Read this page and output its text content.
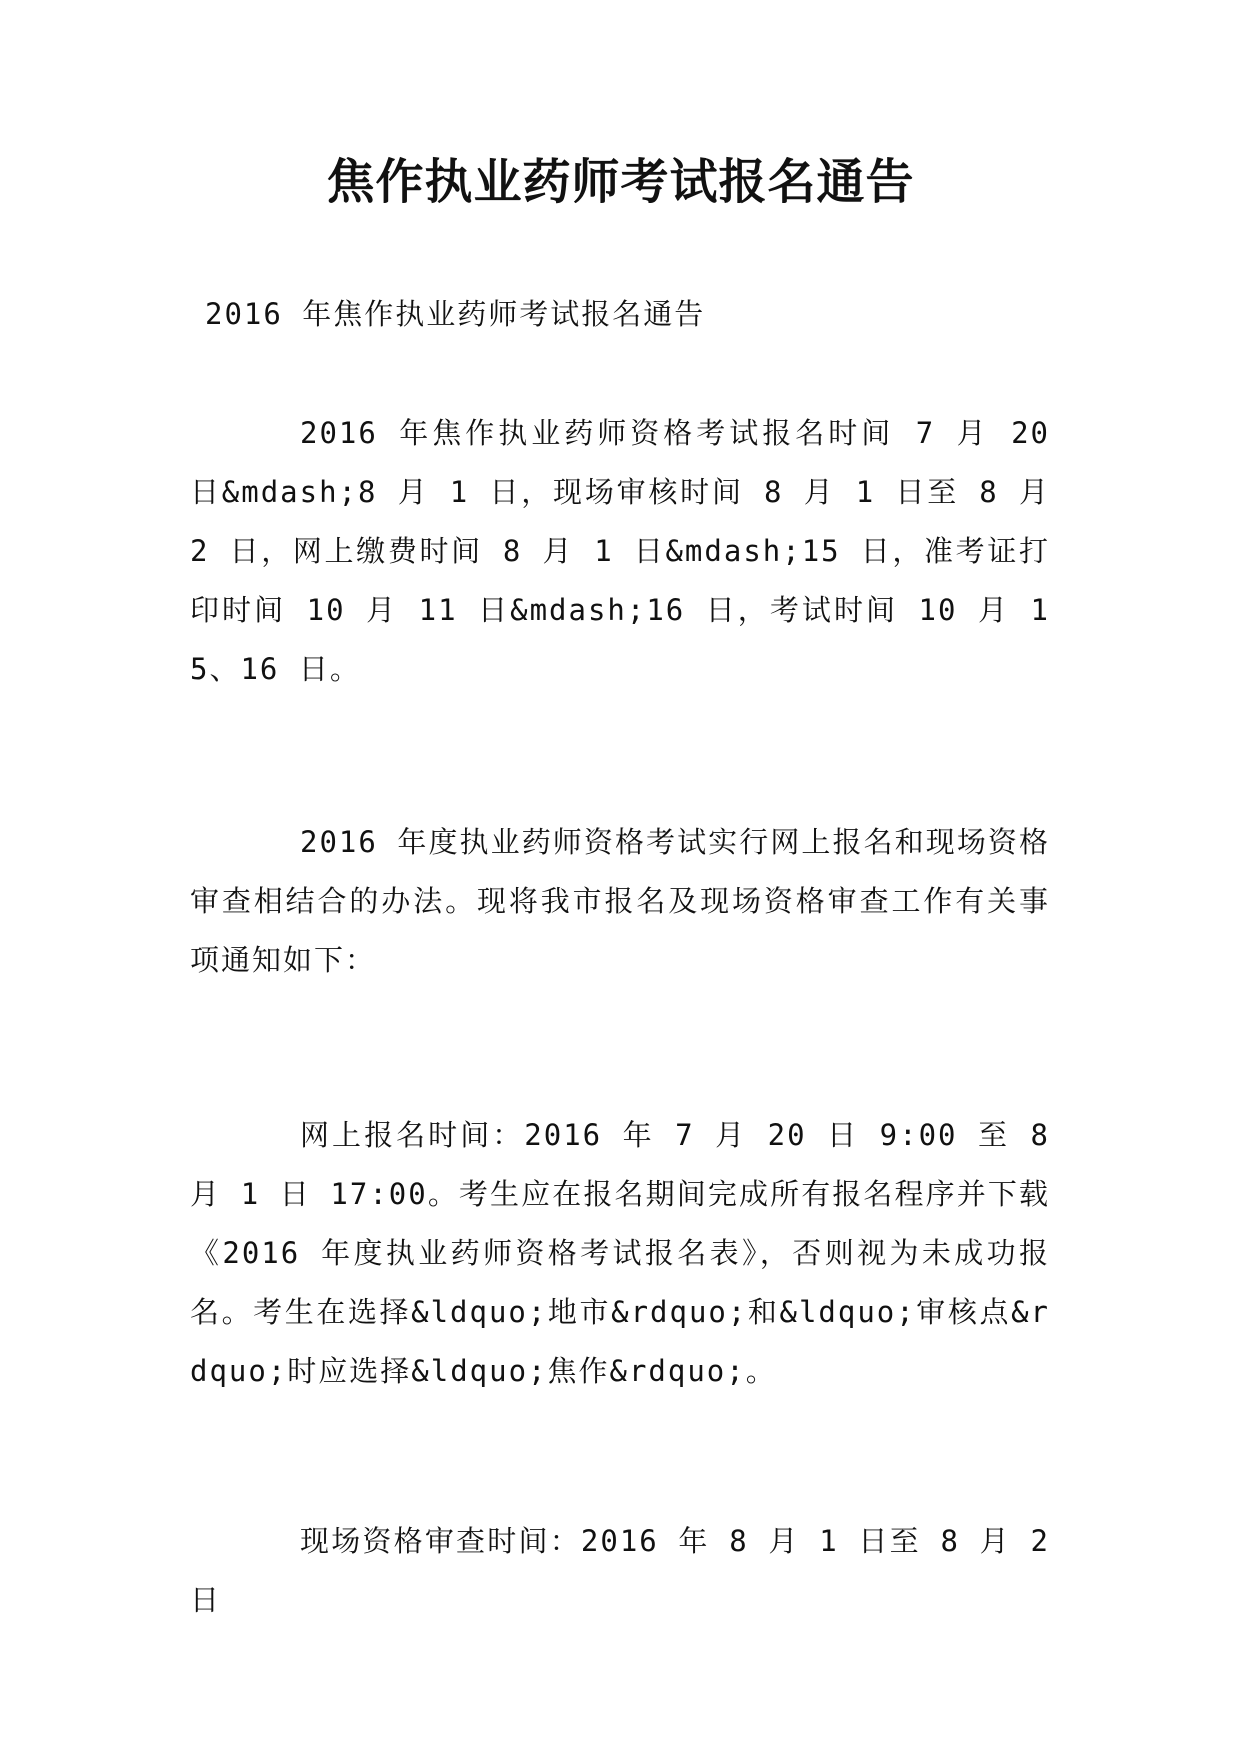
焦作执业药师考试报名通告

2016 年焦作执业药师考试报名通告

2016 年焦作执业药师资格考试报名时间 7 月 20 日&mdash;8 月 1 日，现场审核时间 8 月 1 日至 8 月 2 日，网上缴费时间 8 月 1 日&mdash;15 日，准考证打印时间 10 月 11 日&mdash;16 日，考试时间 10 月 15、16 日。

2016 年度执业药师资格考试实行网上报名和现场资格审查相结合的办法。现将我市报名及现场资格审查工作有关事项通知如下：

网上报名时间：2016 年 7 月 20 日 9:00 至 8 月 1 日 17:00。考生应在报名期间完成所有报名程序并下载《2016 年度执业药师资格考试报名表》，否则视为未成功报名。考生在选择&ldquo;地市&rdquo;和&ldquo;审核点&rdquo;时应选择&ldquo;焦作&rdquo;。

现场资格审查时间：2016 年 8 月 1 日至 8 月 2 日
